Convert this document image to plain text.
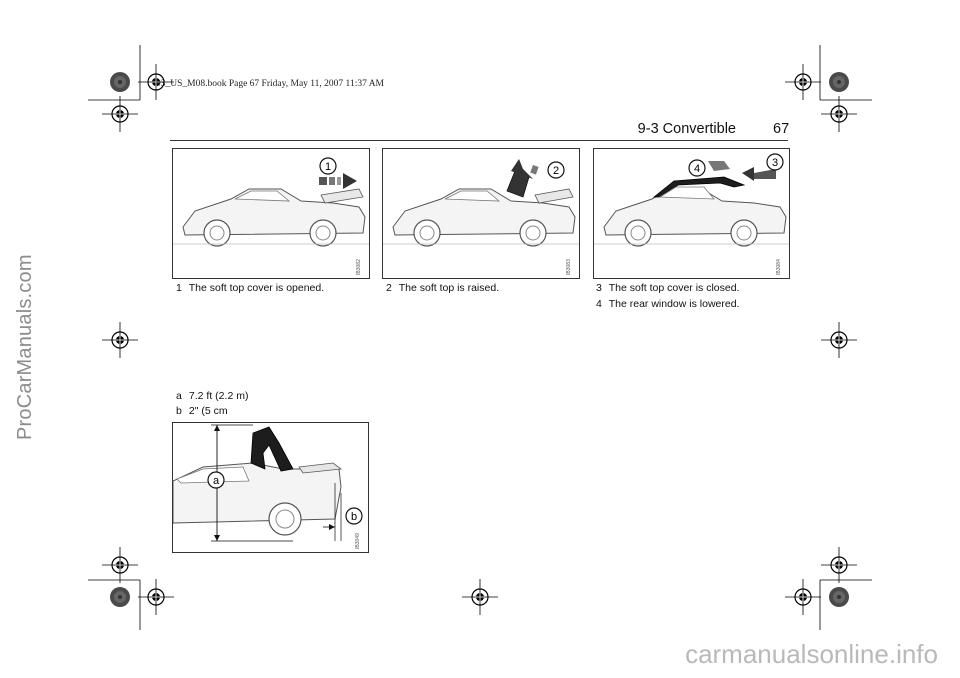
ProCarManuals.com
carmanualsonline.info
93_US_M08.book Page 67 Friday, May 11, 2007 11:37 AM
9-3 Convertible	67
1
IB3082
2
IB3083
4	3
IB3084
1 The soft top cover is opened.	2 The soft top is raised.	3 The soft top cover is closed.
4 The rear window is lowered.
a 7.2 ft (2.2 m)
b 2" (5 cm
a
b
IB3049
